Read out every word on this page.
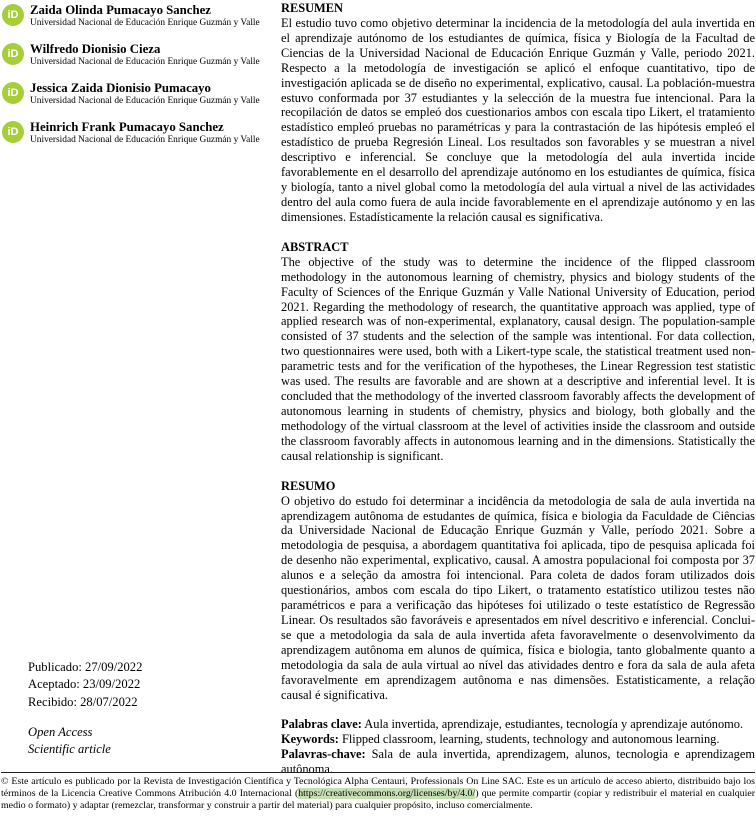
iD Zaida Olinda Pumacayo Sanchez
Universidad Nacional de Educación Enrique Guzmán y Valle
iD Wilfredo Dionisio Cieza
Universidad Nacional de Educación Enrique Guzmán y Valle
iD Jessica Zaida Dionisio Pumacayo
Universidad Nacional de Educación Enrique Guzmán y Valle
iD Heinrich Frank Pumacayo Sanchez
Universidad Nacional de Educación Enrique Guzmán y Valle
Publicado: 27/09/2022
Aceptado: 23/09/2022
Recibido: 28/07/2022
Open Access
Scientific article
RESUMEN

El estudio tuvo como objetivo determinar la incidencia de la metodología del aula invertida en el aprendizaje autónomo de los estudiantes de química, física y Biología de la Facultad de Ciencias de la Universidad Nacional de Educación Enrique Guzmán y Valle, periodo 2021. Respecto a la metodología de investigación se aplicó el enfoque cuantitativo, tipo de investigación aplicada se de diseño no experimental, explicativo, causal. La población-muestra estuvo conformada por 37 estudiantes y la selección de la muestra fue intencional. Para la recopilación de datos se empleó dos cuestionarios ambos con escala tipo Likert, el tratamiento estadístico empleó pruebas no paramétricas y para la contrastación de las hipótesis empleó el estadístico de prueba Regresión Lineal. Los resultados son favorables y se muestran a nivel descriptivo e inferencial. Se concluye que la metodología del aula invertida incide favorablemente en el desarrollo del aprendizaje autónomo en los estudiantes de química, física y biología, tanto a nivel global como la metodología del aula virtual a nivel de las actividades dentro del aula como fuera de aula incide favorablemente en el aprendizaje autónomo y en las dimensiones. Estadísticamente la relación causal es significativa.

ABSTRACT

The objective of the study was to determine the incidence of the flipped classroom methodology in the autonomous learning of chemistry, physics and biology students of the Faculty of Sciences of the Enrique Guzmán y Valle National University of Education, period 2021. Regarding the methodology of research, the quantitative approach was applied, type of applied research was of non-experimental, explanatory, causal design. The population-sample consisted of 37 students and the selection of the sample was intentional. For data collection, two questionnaires were used, both with a Likert-type scale, the statistical treatment used non-parametric tests and for the verification of the hypotheses, the Linear Regression test statistic was used. The results are favorable and are shown at a descriptive and inferential level. It is concluded that the methodology of the inverted classroom favorably affects the development of autonomous learning in students of chemistry, physics and biology, both globally and the methodology of the virtual classroom at the level of activities inside the classroom and outside the classroom favorably affects in autonomous learning and in the dimensions. Statistically the causal relationship is significant.

RESUMO

O objetivo do estudo foi determinar a incidência da metodologia de sala de aula invertida na aprendizagem autônoma de estudantes de química, física e biologia da Faculdade de Ciências da Universidade Nacional de Educação Enrique Guzmán y Valle, período 2021. Sobre a metodologia de pesquisa, a abordagem quantitativa foi aplicada, tipo de pesquisa aplicada foi de desenho não experimental, explicativo, causal. A amostra populacional foi composta por 37 alunos e a seleção da amostra foi intencional. Para coleta de dados foram utilizados dois questionários, ambos com escala do tipo Likert, o tratamento estatístico utilizou testes não paramétricos e para a verificação das hipóteses foi utilizado o teste estatístico de Regressão Linear. Os resultados são favoráveis e apresentados em nível descritivo e inferencial. Conclui-se que a metodologia da sala de aula invertida afeta favoravelmente o desenvolvimento da aprendizagem autônoma em alunos de química, física e biologia, tanto globalmente quanto a metodologia da sala de aula virtual ao nível das atividades dentro e fora da sala de aula afeta favoravelmente em aprendizagem autônoma e nas dimensões. Estatisticamente, a relação causal é significativa.

Palabras clave: Aula invertida, aprendizaje, estudiantes, tecnología y aprendizaje autónomo.

Keywords: Flipped classroom, learning, students, technology and autonomous learning.

Palavras-chave: Sala de aula invertida, aprendizagem, alunos, tecnologia e aprendizagem autônoma.

© Este artículo es publicado por la Revista de Investigación Científica y Tecnológica Alpha Centauri, Professionals On Line SAC. Este es un artículo de acceso abierto, distribuido bajo los términos de la Licencia Creative Commons Atribución 4.0 Internacional (https://creativecommons.org/licenses/by/4.0/) que permite compartir (copiar y redistribuir el material en cualquier medio o formato) y adaptar (remezclar, transformar y construir a partir del material) para cualquier propósito, incluso comercialmente.
